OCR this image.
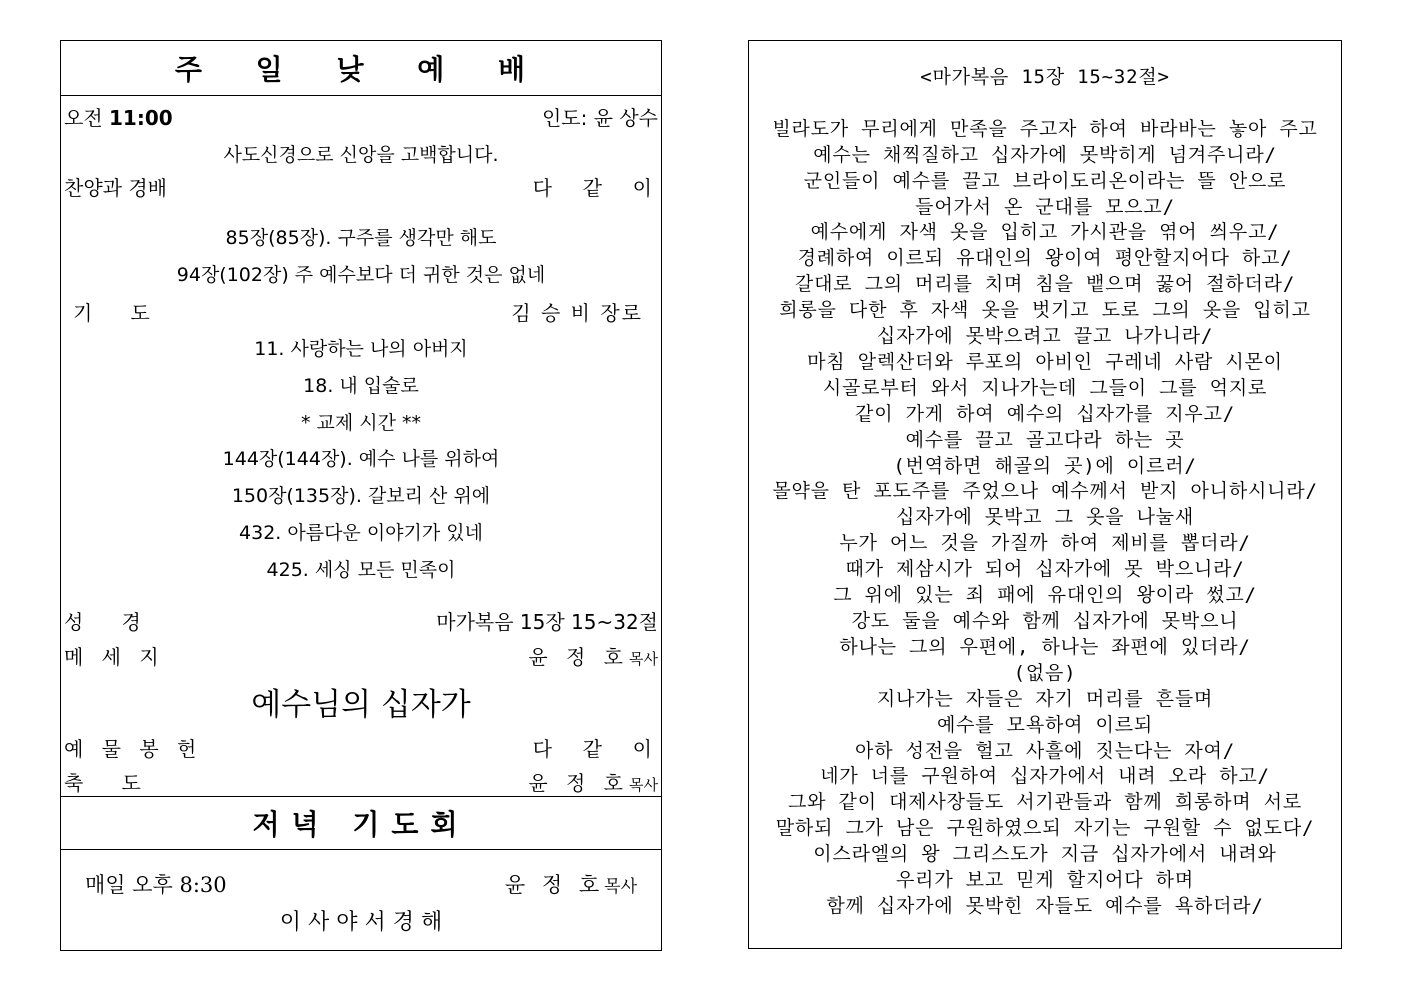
주 일 낮 예 배
오전 11:00	인도: 윤 상수
사도신경으로 신앙을 고백합니다.
찬양과 경배	다  같  이
85장(85장). 구주를 생각만 해도
94장(102장) 주 예수보다 더 귀한 것은 없네
기      도	김 승 비 장로
11. 사랑하는 나의 아버지
18. 내 입술로
* 교제 시간 **
144장(144장). 예수 나를 위하여
150장(135장). 갈보리 산 위에
432. 아름다운 이야기가 있네
425. 세싱 모든 민족이
성      경	마가복음 15장 15~32절
메 세 지	윤 정 호목사
예수님의 십자가
예 물 봉 헌	다  같  이
축      도	윤 정 호목사
저녁 기도회
매일 오후 8:30	윤 정 호목사
이 사 야 서 경 해
<마가복음 15장 15~32절>
빌라도가 무리에게 만족을 주고자 하여 바라바는 놓아 주고
예수는 채찍질하고 십자가에 못박히게 넘겨주니라/
군인들이 예수를 끌고 브라이도리온이라는 뜰 안으로
들어가서 온 군대를 모으고/
예수에게 자색 옷을 입히고 가시관을 엮어 씌우고/
경례하여 이르되 유대인의 왕이여 평안할지어다 하고/
갈대로 그의 머리를 치며 침을 뱉으며 꿇어 절하더라/
희롱을 다한 후 자색 옷을 벗기고 도로 그의 옷을 입히고
십자가에 못박으려고 끌고 나가니라/
마침 알렉산더와 루포의 아비인 구레네 사람 시몬이
시골로부터 와서 지나가는데 그들이 그를 억지로
같이 가게 하여 예수의 십자가를 지우고/
예수를 끌고 골고다라 하는 곳
(번역하면 해골의 곳)에 이르러/
몰약을 탄 포도주를 주었으나 예수께서 받지 아니하시니라/
십자가에 못박고 그 옷을 나눌새
누가 어느 것을 가질까 하여 제비를 뽑더라/
때가 제삼시가 되어 십자가에 못 박으니라/
그 위에 있는 죄 패에 유대인의 왕이라 썼고/
강도 둘을 예수와 함께 십자가에 못박으니
하나는 그의 우편에, 하나는 좌편에 있더라/
(없음)
지나가는 자들은 자기 머리를 흔들며
예수를 모욕하여 이르되
아하 성전을 헐고 사흘에 짓는다는 자여/
네가 너를 구원하여 십자가에서 내려 오라 하고/
그와 같이 대제사장들도 서기관들과 함께 희롱하며 서로
말하되 그가 남은 구원하였으되 자기는 구원할 수 없도다/
이스라엘의 왕 그리스도가 지금 십자가에서 내려와
우리가 보고 믿게 할지어다 하며
함께 십자가에 못박힌 자들도 예수를 욕하더라/
